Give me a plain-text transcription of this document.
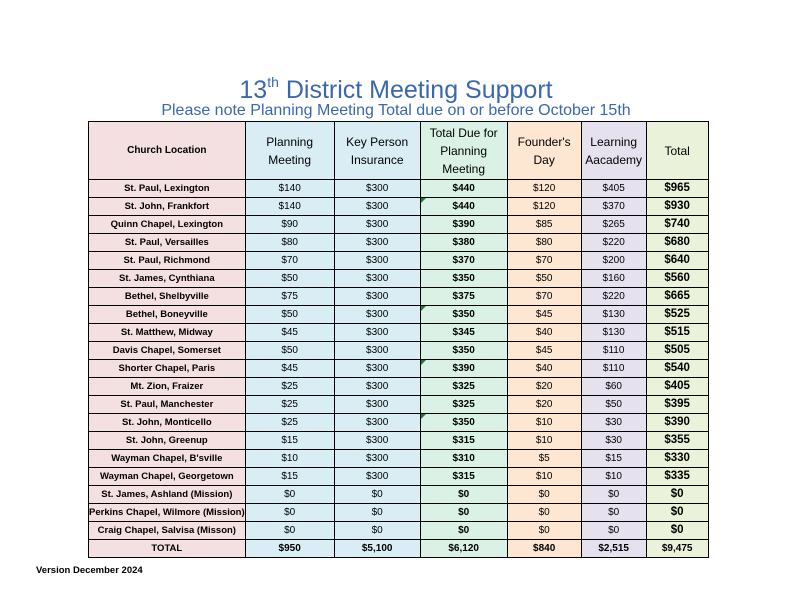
13th District Meeting Support
Please note Planning Meeting Total due on or before October 15th
Church Location	Planning Meeting	Key Person Insurance	Total Due for Planning Meeting	Founder's Day	Learning Aacademy	Total
St. Paul, Lexington	$140	$300	$440	$120	$405	$965
St. John, Frankfort	$140	$300	$440	$120	$370	$930
Quinn Chapel, Lexington	$90	$300	$390	$85	$265	$740
St. Paul, Versailles	$80	$300	$380	$80	$220	$680
St. Paul, Richmond	$70	$300	$370	$70	$200	$640
St. James, Cynthiana	$50	$300	$350	$50	$160	$560
Bethel, Shelbyville	$75	$300	$375	$70	$220	$665
Bethel, Boneyville	$50	$300	$350	$45	$130	$525
St. Matthew, Midway	$45	$300	$345	$40	$130	$515
Davis Chapel, Somerset	$50	$300	$350	$45	$110	$505
Shorter Chapel, Paris	$45	$300	$390	$40	$110	$540
Mt. Zion, Fraizer	$25	$300	$325	$20	$60	$405
St. Paul, Manchester	$25	$300	$325	$20	$50	$395
St. John, Monticello	$25	$300	$350	$10	$30	$390
St. John, Greenup	$15	$300	$315	$10	$30	$355
Wayman Chapel, B'sville	$10	$300	$310	$5	$15	$330
Wayman Chapel, Georgetown	$15	$300	$315	$10	$10	$335
St. James, Ashland (Mission)	$0	$0	$0	$0	$0	$0
Perkins Chapel, Wilmore (Mission)	$0	$0	$0	$0	$0	$0
Craig Chapel, Salvisa (Misson)	$0	$0	$0	$0	$0	$0
TOTAL	$950	$5,100	$6,120	$840	$2,515	$9,475
Version December 2024
